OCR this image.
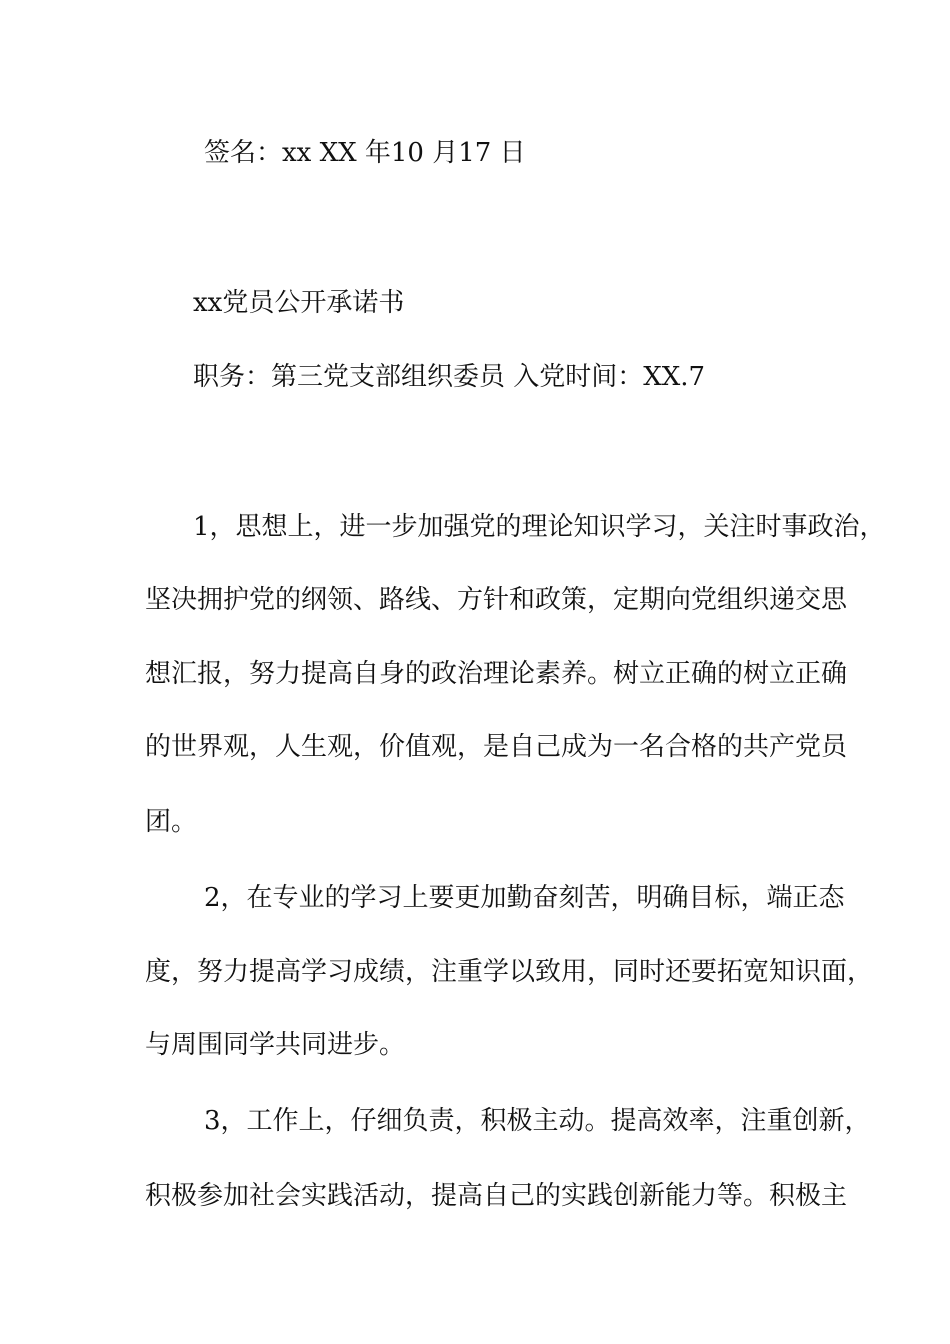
签名：xx XX 年10 月17 日

xx党员公开承诺书

职务：第三党支部组织委员 入党时间：XX.7

1，思想上，进一步加强党的理论知识学习，关注时事政治，

坚决拥护党的纲领、路线、方针和政策，定期向党组织递交思

想汇报，努力提高自身的政治理论素养。树立正确的树立正确

的世界观，人生观，价值观，是自己成为一名合格的共产党员

团。

2，在专业的学习上要更加勤奋刻苦，明确目标，端正态

度，努力提高学习成绩，注重学以致用，同时还要拓宽知识面，

与周围同学共同进步。

3，工作上，仔细负责，积极主动。提高效率，注重创新，

积极参加社会实践活动，提高自己的实践创新能力等。积极主
